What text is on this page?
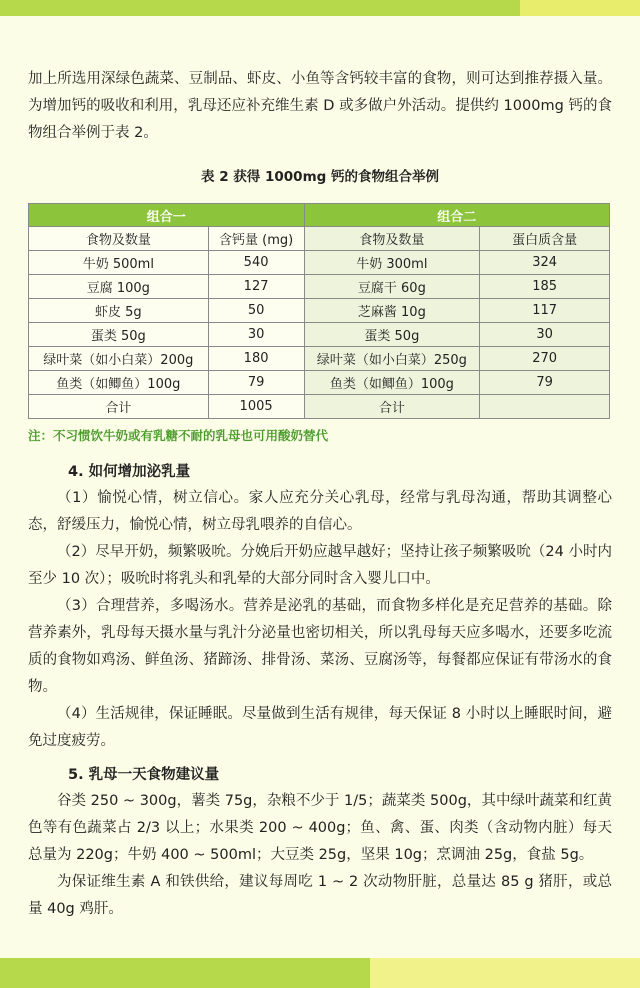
加上所选用深绿色蔬菜、豆制品、虾皮、小鱼等含钙较丰富的食物，则可达到推荐摄入量。为增加钙的吸收和利用，乳母还应补充维生素 D 或多做户外活动。提供约 1000mg 钙的食物组合举例于表 2。

表 2 获得 1000mg 钙的食物组合举例
组合一		组合二	
食物及数量	含钙量 (mg)	食物及数量	蛋白质含量
牛奶 500ml	540	牛奶 300ml	324
豆腐 100g	127	豆腐干 60g	185
虾皮 5g	50	芝麻酱 10g	117
蛋类 50g	30	蛋类 50g	30
绿叶菜（如小白菜）200g	180	绿叶菜（如小白菜）250g	270
鱼类（如鲫鱼）100g	79	鱼类（如鲫鱼）100g	79
合计	1005	合计	
注：不习惯饮牛奶或有乳糖不耐的乳母也可用酸奶替代
4. 如何增加泌乳量

（1）愉悦心情，树立信心。家人应充分关心乳母，经常与乳母沟通，帮助其调整心态，舒缓压力，愉悦心情，树立母乳喂养的自信心。

（2）尽早开奶，频繁吸吮。分娩后开奶应越早越好；坚持让孩子频繁吸吮（24 小时内至少 10 次）；吸吮时将乳头和乳晕的大部分同时含入婴儿口中。

（3）合理营养，多喝汤水。营养是泌乳的基础，而食物多样化是充足营养的基础。除营养素外，乳母每天摄水量与乳汁分泌量也密切相关，所以乳母每天应多喝水，还要多吃流质的食物如鸡汤、鲜鱼汤、猪蹄汤、排骨汤、菜汤、豆腐汤等，每餐都应保证有带汤水的食物。

（4）生活规律，保证睡眠。尽量做到生活有规律，每天保证 8 小时以上睡眠时间，避免过度疲劳。

5. 乳母一天食物建议量

谷类 250 ~ 300g，薯类 75g，杂粮不少于 1/5；蔬菜类 500g，其中绿叶蔬菜和红黄色等有色蔬菜占 2/3 以上；水果类 200 ~ 400g；鱼、禽、蛋、肉类（含动物内脏）每天总量为 220g；牛奶 400 ~ 500ml；大豆类 25g，坚果 10g；烹调油 25g，食盐 5g。

为保证维生素 A 和铁供给，建议每周吃 1 ~ 2 次动物肝脏，总量达 85 g 猪肝，或总量 40g 鸡肝。
